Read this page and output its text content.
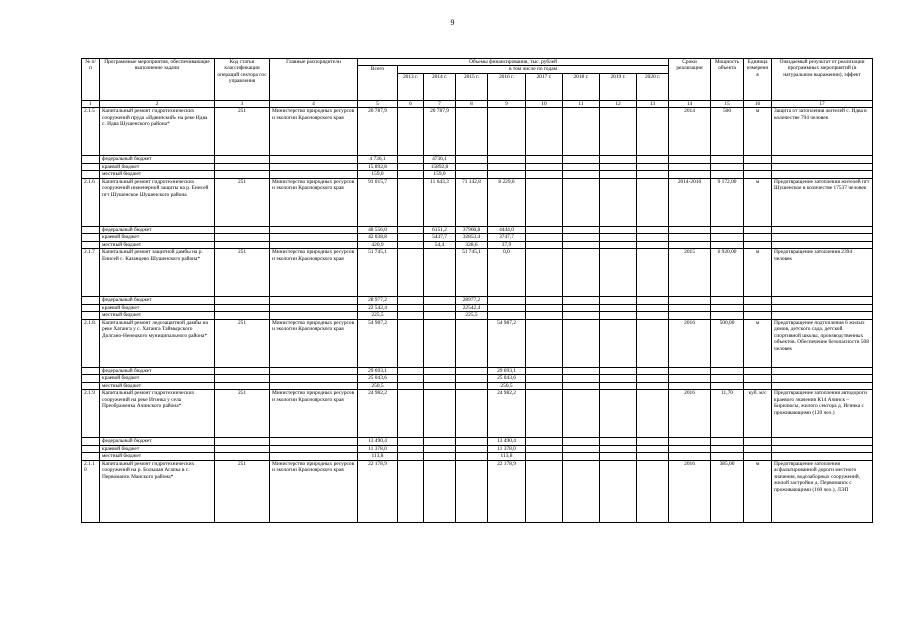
9
№ п/п	Программные мероприятия, обеспечивающие выполнение задачи	Код статьи классификации операций сектора гос управления	Главные распорядители	Объемы финансирования, тыс. рублей									Сроки реализации	Мощность объекта	Единица измерения	Ожидаемый результат от реализации программных мероприятий (в натуральном выражении), эффект
				Всего	в том числе по годам											
					2013 г.	2014 г.	2015 г.	2016 г.	2017 г.	2018 г.	2019 г.	2020 г.				
1	2	3	4	5	6	7	8	9	10	11	12	13	14	15	16	17
2.1.5	Капитальный ремонт гидротехнических сооружений пруда «Идвинский» на реке Идва с. Идва Шушенского района*	251	Министерство природных ресурсов и экологии Красноярского края	20 787,9		20 787,9							2014	500	м	Защита от затопления жителей с. Идва в количестве 794 человек
	федеральный бюджет			4 736,1		4736,1										
	краевой бюджет			15 892,8		15892,8										
	местный бюджет			159,0		159,0										
2.1.6	Капитальный ремонт гидротехнических сооружений инженерной защиты на р. Енисей пгт Шушенское Шушенского района	251	Министерство природных ресурсов и экологии Красноярского края	91 015,7		11 643,3	71 142,8	8 229,6					2014-2016	9 172,00	м	Предотвращение затопления жителей пгт Шушенское в количестве 17537 человек
	федеральный бюджет			48 556,0		6151,2	37960,8	4444,0								
	краевой бюджет			42 038,8		5437,7	32853,4	3747,7								
	местный бюджет			420,9		54,4	328,6	37,9								
2.1.7	Капитальный ремонт защитной дамбы на р. Енисей с. Казанцево Шушенского района*	251	Министерство природных ресурсов и экологии Красноярского края	51 745,1			51 745,1	0,0					2015	6 920,00	м	Предотвращение затопления 2394 человек
	федеральный бюджет			28 977,2			28977,2									
	краевой бюджет			22 542,4			22542,4									
	местный бюджет			225,5			225,5									
2.1.8.	Капитальный ремонт ледозащитной дамбы на реке Хатанга у с. Хатанга Таймырского Долгано-Ненецкого муниципального района*	251	Министерство природных ресурсов и экологии Красноярского края	54 987,2				54 987,2					2016	500,00	м	Предотвращение подтопления 6 жилых домов, детского сада, детской спортивной школы, производственных объектов. Обеспечение безопасности 508 человек
	федеральный бюджет			29 693,1				29 693,1								
	краевой бюджет			25 043,6				25 043,6								
	местный бюджет			250,5				250,5								
2.1.9	Капитальный ремонт гидротехнических сооружений на реке Игинка у села Преображенка Ачинского района*	251	Министерство природных ресурсов и экологии Красноярского края	24 982,2				24 982,2					2016	11,70	куб. м/с	Предотвращение затопления автодороги краевого значения К14 Ачинск – Бирилюсы, жилого сектора д. Игинка с проживающими (120 чел.)
	федеральный бюджет			13 490,4				13 490,4								
	краевой бюджет			11 378,0				11 378,0								
	местный бюджет			113,8				113,8								
2.1.10	Капитальный ремонт гидротехнических сооружений на р. Большая Агапка в с. Первоманск Манского района*	251	Министерство природных ресурсов и экологии Красноярского края	22 178,9				22 178,9					2016	385,00	м	Предотвращение затопления асфальтированной дороги местного значения, водозаборных сооружений, жилой застройки д. Первоманск с проживающими (160 чел.), ЛЭП
